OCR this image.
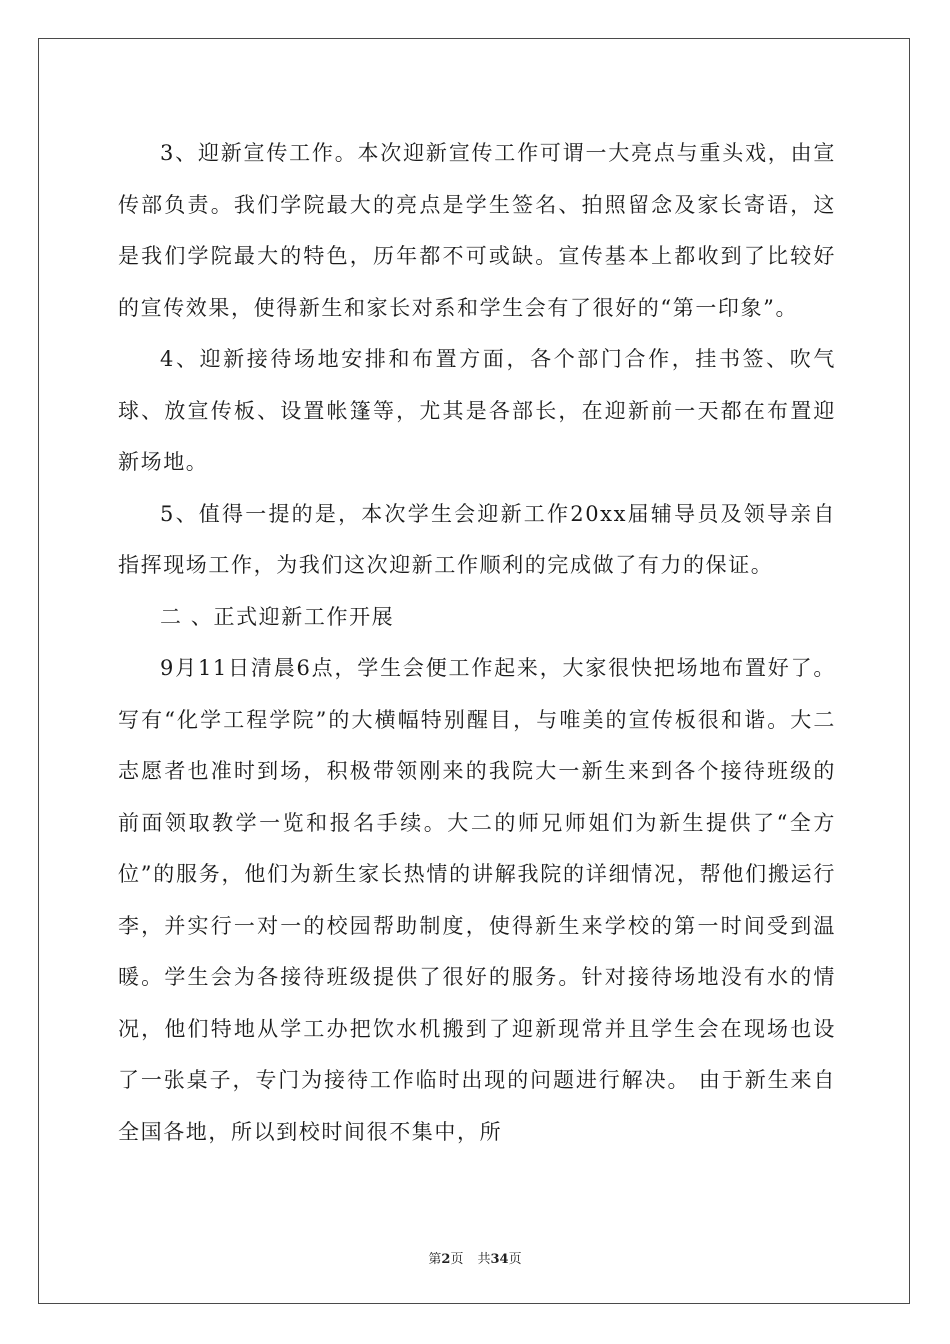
3、迎新宣传工作。本次迎新宣传工作可谓一大亮点与重头戏，由宣传部负责。我们学院最大的亮点是学生签名、拍照留念及家长寄语，这是我们学院最大的特色，历年都不可或缺。宣传基本上都收到了比较好的宣传效果，使得新生和家长对系和学生会有了很好的“第一印象”。

4、迎新接待场地安排和布置方面，各个部门合作，挂书签、吹气球、放宣传板、设置帐篷等，尤其是各部长，在迎新前一天都在布置迎新场地。

5、值得一提的是，本次学生会迎新工作20xx届辅导员及领导亲自指挥现场工作，为我们这次迎新工作顺利的完成做了有力的保证。

二 、正式迎新工作开展

9月11日清晨6点，学生会便工作起来，大家很快把场地布置好了。写有“化学工程学院”的大横幅特别醒目，与唯美的宣传板很和谐。大二志愿者也准时到场，积极带领刚来的我院大一新生来到各个接待班级的前面领取教学一览和报名手续。大二的师兄师姐们为新生提供了“全方位”的服务，他们为新生家长热情的讲解我院的详细情况，帮他们搬运行李，并实行一对一的校园帮助制度，使得新生来学校的第一时间受到温暖。学生会为各接待班级提供了很好的服务。针对接待场地没有水的情况，他们特地从学工办把饮水机搬到了迎新现常并且学生会在现场也设了一张桌子，专门为接待工作临时出现的问题进行解决。 由于新生来自全国各地，所以到校时间很不集中，所

第2页 共34页
